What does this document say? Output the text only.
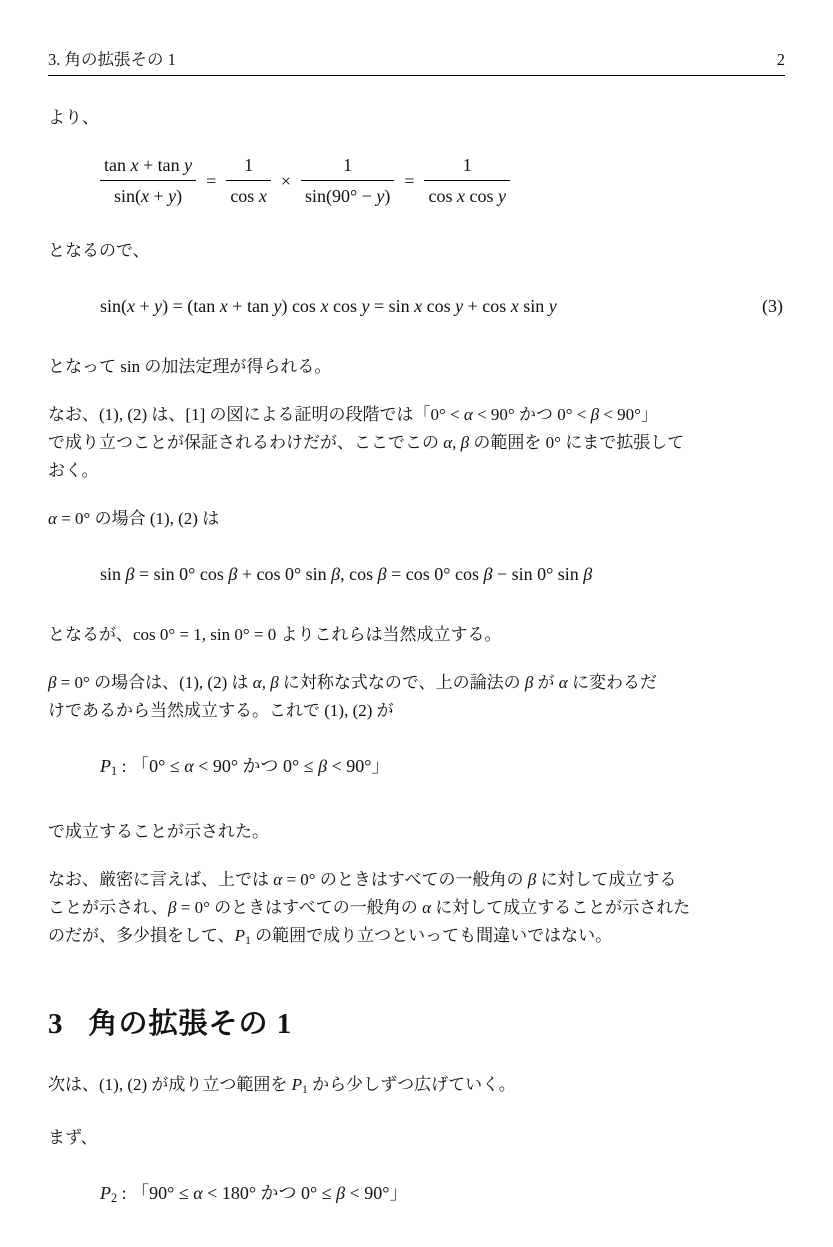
3. 角の拡張その 1	2
より、
$\frac{\text{tan x + tan y}}{\sin(x + y)} = \frac{1}{\text{cos x}} \times \frac{1}{\sin(90^\circ - y)} = \frac{1}{\text{cos x cos y}}$
となるので、
sin(x + y) = (tan x + tan y) cos x cos y = sin x cos y + cos x sin y	(3)
となって sin の加法定理が得られる。
なお、(1), (2) は、[1] の図による証明の段階では「0° < α < 90° かつ 0° < β < 90°」
で成り立つことが保証されるわけだが、ここでこの α, β の範囲を 0° にまで拡張して
おく。
α = 0° の場合 (1), (2) は
sin β = sin 0° cos β + cos 0° sin β, cos β = cos 0° cos β − sin 0° sin β
となるが、cos 0° = 1, sin 0° = 0 よりこれらは当然成立する。
β = 0° の場合は、(1), (2) は α, β に対称な式なので、上の論法の β が α に変わるだ
けであるから当然成立する。これで (1), (2) が
P1 : 「0° ≤ α < 90° かつ 0° ≤ β < 90°」
で成立することが示された。
なお、厳密に言えば、上では α = 0° のときはすべての一般角の β に対して成立する
ことが示され、β = 0° のときはすべての一般角の α に対して成立することが示された
のだが、多少損をして、P1 の範囲で成り立つといっても間違いではない。
3 角の拡張その 1
次は、(1), (2) が成り立つ範囲を P1 から少しずつ広げていく。
まず、
P2 : 「90° ≤ α < 180° かつ 0° ≤ β < 90°」
